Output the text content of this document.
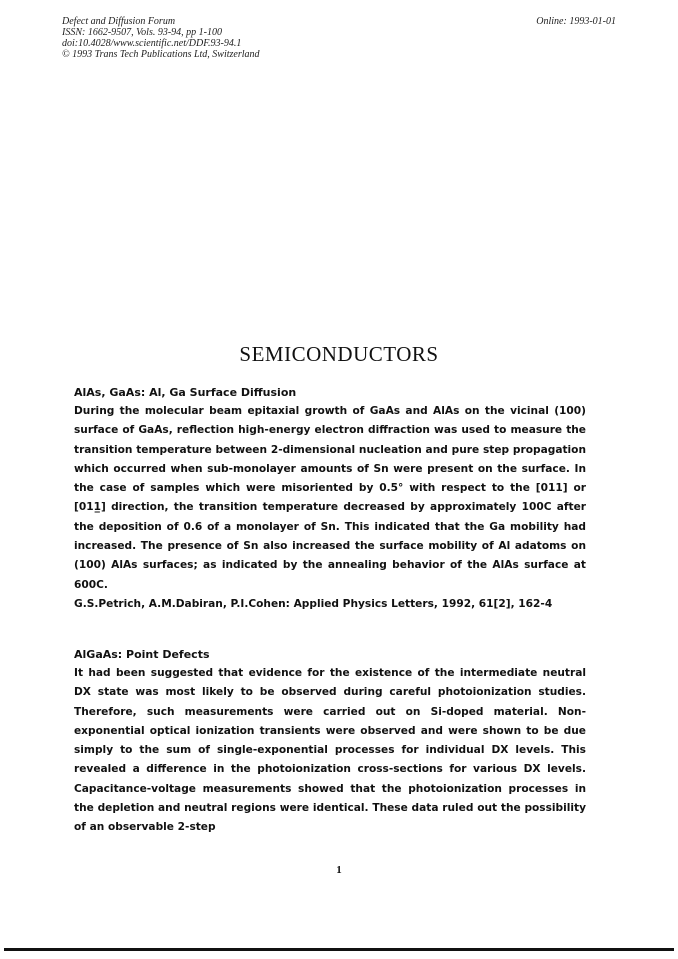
Defect and Diffusion Forum
ISSN: 1662-9507, Vols. 93-94, pp 1-100
doi:10.4028/www.scientific.net/DDF.93-94.1
© 1993 Trans Tech Publications Ltd, Switzerland
Online: 1993-01-01
SEMICONDUCTORS
AlAs, GaAs: Al, Ga Surface Diffusion

During the molecular beam epitaxial growth of GaAs and AlAs on the vicinal (100) surface of GaAs, reflection high-energy electron diffraction was used to measure the transition temperature between 2-dimensional nucleation and pure step propagation which occurred when sub-monolayer amounts of Sn were present on the surface. In the case of samples which were misoriented by 0.5° with respect to the [011] or [011̲] direction, the transition temperature decreased by approximately 100C after the deposition of 0.6 of a monolayer of Sn. This indicated that the Ga mobility had increased. The presence of Sn also increased the surface mobility of Al adatoms on (100) AlAs surfaces; as indicated by the annealing behavior of the AlAs surface at 600C.

G.S.Petrich, A.M.Dabiran, P.I.Cohen: Applied Physics Letters, 1992, 61[2], 162-4

AlGaAs: Point Defects

It had been suggested that evidence for the existence of the intermediate neutral DX state was most likely to be observed during careful photoionization studies. Therefore, such measurements were carried out on Si-doped material. Non-exponential optical ionization transients were observed and were shown to be due simply to the sum of single-exponential processes for individual DX levels. This revealed a difference in the photoionization cross-sections for various DX levels. Capacitance-voltage measurements showed that the photoionization processes in the depletion and neutral regions were identical. These data ruled out the possibility of an observable 2-step

1
